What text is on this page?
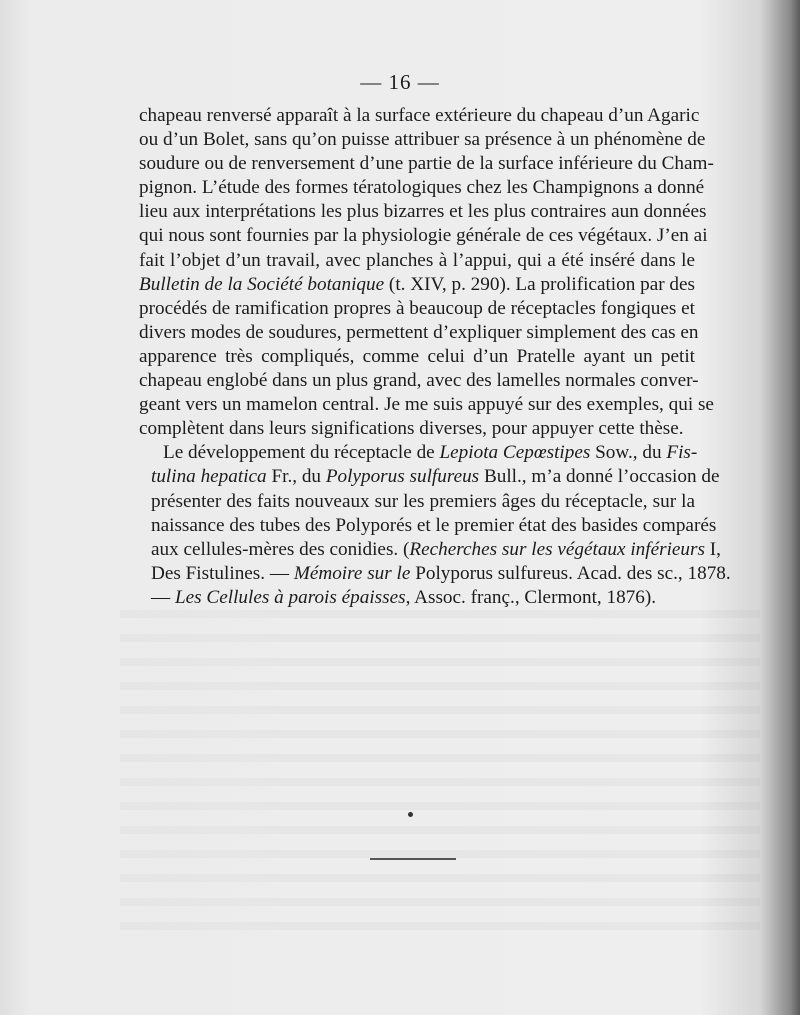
— 16 —
chapeau renversé apparaît à la surface extérieure du chapeau d’un Agaric
ou d’un Bolet, sans qu’on puisse attribuer sa présence à un phénomène de
soudure ou de renversement d’une partie de la surface inférieure du Cham-
pignon. L’étude des formes tératologiques chez les Champignons a donné
lieu aux interprétations les plus bizarres et les plus contraires aun données
qui nous sont fournies par la physiologie générale de ces végétaux. J’en ai
fait l’objet d’un travail, avec planches à l’appui, qui a été inséré dans le
Bulletin de la Société botanique (t. XIV, p. 290). La prolification par des
procédés de ramification propres à beaucoup de réceptacles fongiques et
divers modes de soudures, permettent d’expliquer simplement des cas en
apparence très compliqués, comme celui d’un Pratelle ayant un petit
chapeau englobé dans un plus grand, avec des lamelles normales conver-
geant vers un mamelon central. Je me suis appuyé sur des exemples, qui se
complètent dans leurs significations diverses, pour appuyer cette thèse.
Le développement du réceptacle de Lepiota Cepœstipes Sow., du Fis-
tulina hepatica Fr., du Polyporus sulfureus Bull., m’a donné l’occasion de
présenter des faits nouveaux sur les premiers âges du réceptacle, sur la
naissance des tubes des Polyporés et le premier état des basides comparés
aux cellules-mères des conidies. (Recherches sur les végétaux inférieurs I,
Des Fistulines. — Mémoire sur le Polyporus sulfureus. Acad. des sc., 1878.
— Les Cellules à parois épaisses, Assoc. franç., Clermont, 1876).
